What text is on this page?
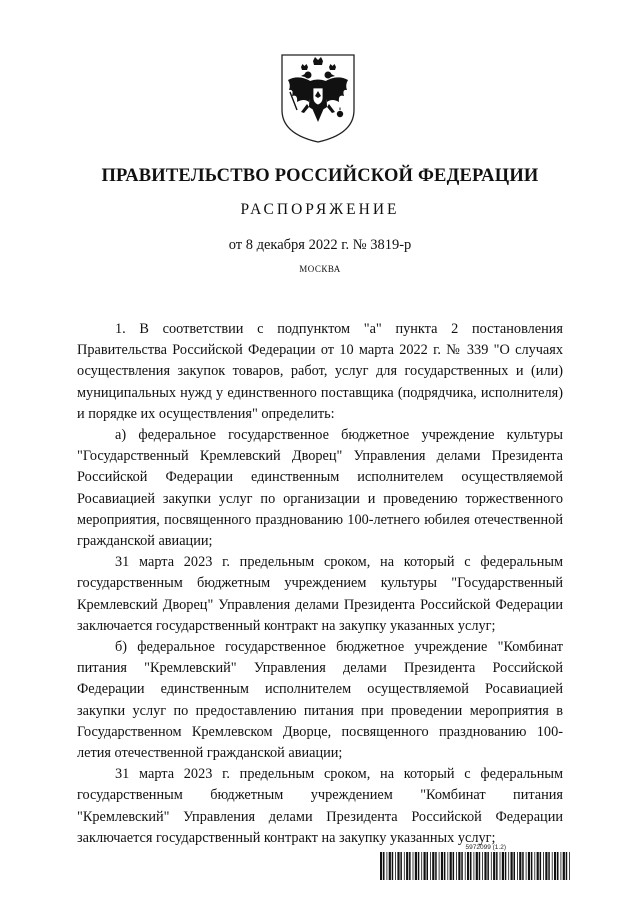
ПРАВИТЕЛЬСТВО РОССИЙСКОЙ ФЕДЕРАЦИИ
РАСПОРЯЖЕНИЕ
от 8 декабря 2022 г. № 3819-р
МОСКВА

1. В соответствии с подпунктом "а" пункта 2 постановления Правительства Российской Федерации от 10 марта 2022 г. № 339 "О случаях осуществления закупок товаров, работ, услуг для государственных и (или) муниципальных нужд у единственного поставщика (подрядчика, исполнителя) и порядке их осуществления" определить:

а) федеральное государственное бюджетное учреждение культуры "Государственный Кремлевский Дворец" Управления делами Президента Российской Федерации единственным исполнителем осуществляемой Росавиацией закупки услуг по организации и проведению торжественного мероприятия, посвященного празднованию 100-летнего юбилея отечественной гражданской авиации;

31 марта 2023 г. предельным сроком, на который с федеральным государственным бюджетным учреждением культуры "Государственный Кремлевский Дворец" Управления делами Президента Российской Федерации заключается государственный контракт на закупку указанных услуг;

б) федеральное государственное бюджетное учреждение "Комбинат питания "Кремлевский" Управления делами Президента Российской Федерации единственным исполнителем осуществляемой Росавиацией закупки услуг по предоставлению питания при проведении мероприятия в Государственном Кремлевском Дворце, посвященного празднованию 100-летия отечественной гражданской авиации;

31 марта 2023 г. предельным сроком, на который с федеральным государственным бюджетным учреждением "Комбинат питания "Кремлевский" Управления делами Президента Российской Федерации заключается государственный контракт на закупку указанных услуг;

5972099 (1.2)
